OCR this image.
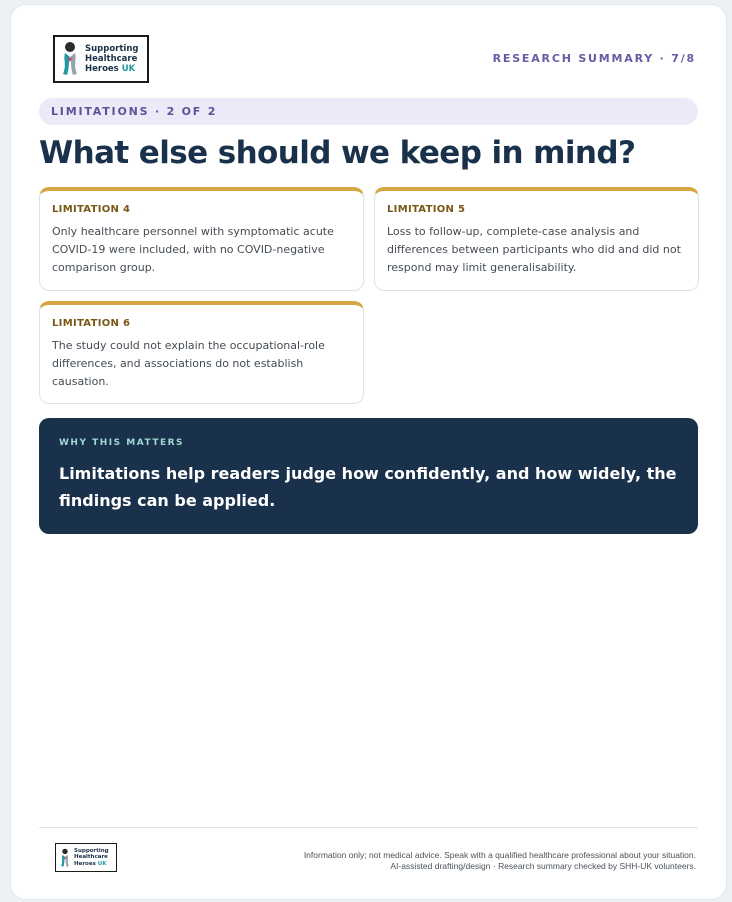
Supporting
Healthcare
Heroes UK
RESEARCH SUMMARY · 7/8
LIMITATIONS · 2 OF 2
What else should we keep in mind?
LIMITATION 4
Only healthcare personnel with symptomatic acute COVID-19 were included, with no COVID-negative comparison group.
LIMITATION 5
Loss to follow-up, complete-case analysis and differences between participants who did and did not respond may limit generalisability.
LIMITATION 6
The study could not explain the occupational-role differences, and associations do not establish causation.
WHY THIS MATTERS
Limitations help readers judge how confidently, and how widely, the findings can be applied.
Supporting
Healthcare
Heroes UK
Information only; not medical advice. Speak with a qualified healthcare professional about your situation.
AI-assisted drafting/design · Research summary checked by SHH-UK volunteers.
